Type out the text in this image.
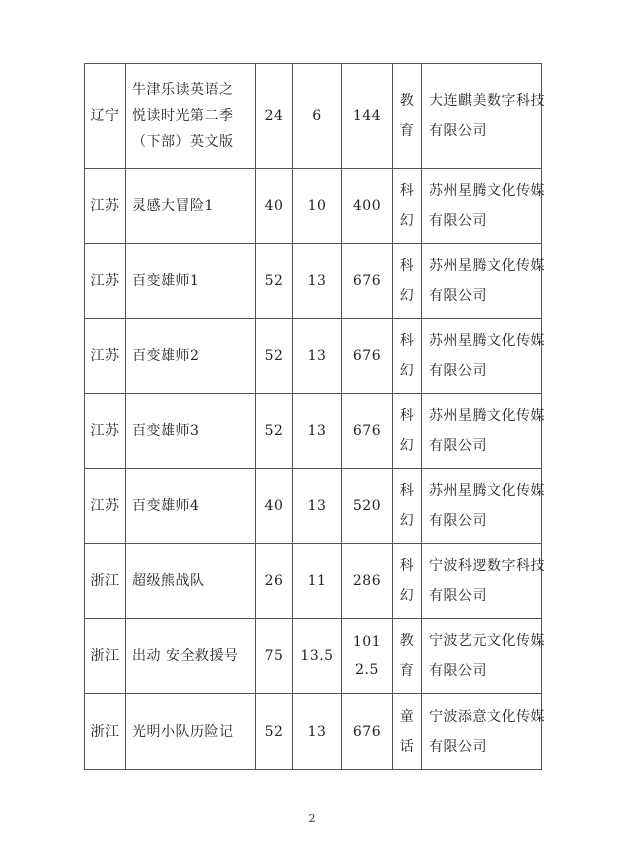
辽宁	牛津乐读英语之悦读时光第二季（下部）英文版	24	6	144	教育	大连麒美数字科技有限公司

江苏	灵感大冒险1	40	10	400	科幻	苏州星腾文化传媒有限公司

江苏	百变雄师1	52	13	676	科幻	苏州星腾文化传媒有限公司

江苏	百变雄师2	52	13	676	科幻	苏州星腾文化传媒有限公司

江苏	百变雄师3	52	13	676	科幻	苏州星腾文化传媒有限公司

江苏	百变雄师4	40	13	520	科幻	苏州星腾文化传媒有限公司

浙江	超级熊战队	26	11	286	科幻	宁波科逻数字科技有限公司

浙江	出动 安全救援号	75	13.5	1012.5	教育	宁波艺元文化传媒有限公司

浙江	光明小队历险记	52	13	676	童话	宁波添意文化传媒有限公司
2
